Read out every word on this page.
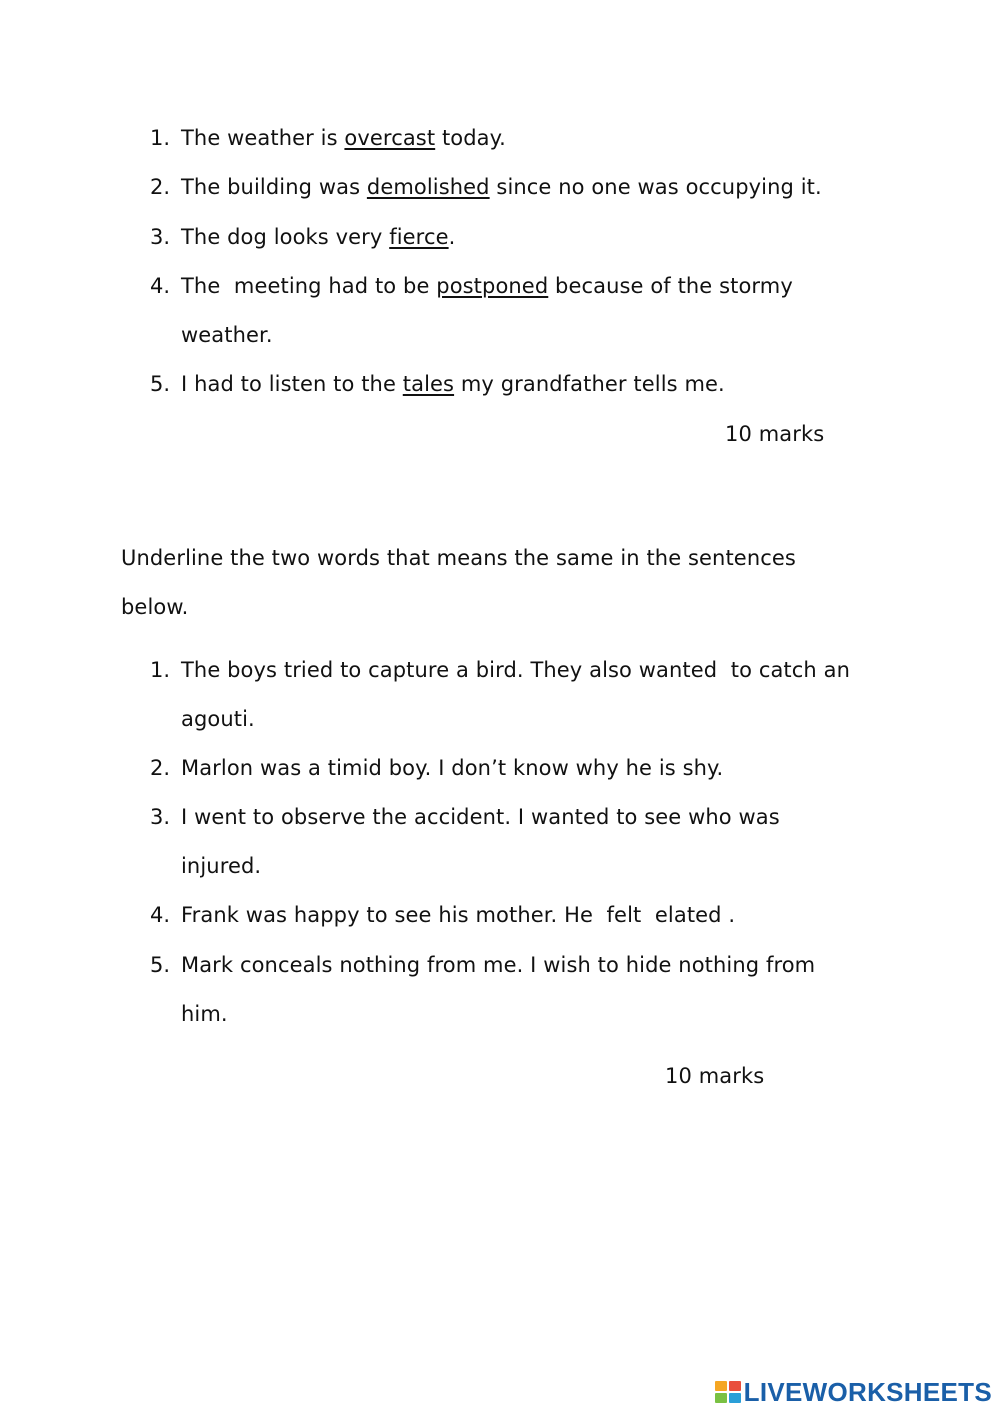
1. The weather is overcast today.
2. The building was demolished since no one was occupying it.
3. The dog looks very fierce.
4. The  meeting had to be postponed because of the stormy
weather.
5. I had to listen to the tales my grandfather tells me.
10 marks
Underline the two words that means the same in the sentences
below.
1. The boys tried to capture a bird. They also wanted  to catch an
agouti.
2. Marlon was a timid boy. I don’t know why he is shy.
3. I went to observe the accident. I wanted to see who was
injured.
4. Frank was happy to see his mother. He  felt  elated .
5. Mark conceals nothing from me. I wish to hide nothing from
him.
10 marks
LIVEWORKSHEETS
